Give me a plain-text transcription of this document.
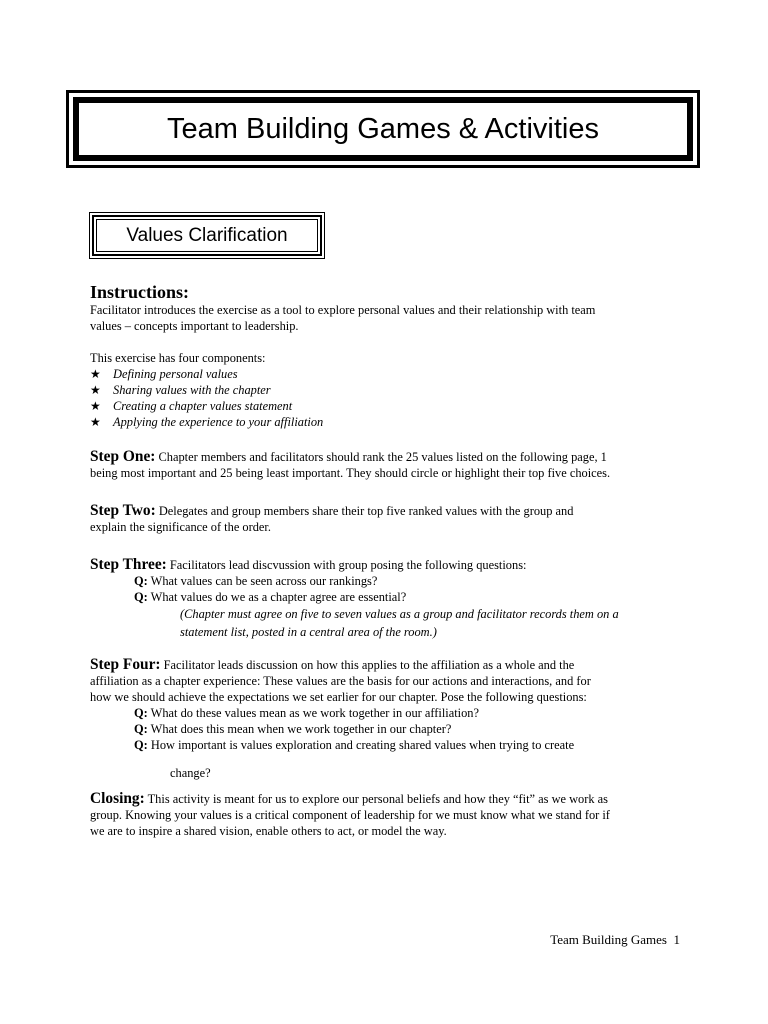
Team Building Games & Activities
Values Clarification

Instructions:

Facilitator introduces the exercise as a tool to explore personal values and their relationship with team

values – concepts important to leadership.

This exercise has four components:

★ Defining personal values
★ Sharing values with the chapter
★ Creating a chapter values statement
★ Applying the experience to your affiliation

Step One: Chapter members and facilitators should rank the 25 values listed on the following page, 1

being most important and 25 being least important. They should circle or highlight their top five choices.

Step Two: Delegates and group members share their top five ranked values with the group and

explain the significance of the order.

Step Three: Facilitators lead discvussion with group posing the following questions:

Q: What values can be seen across our rankings?

Q: What values do we as a chapter agree are essential?

(Chapter must agree on five to seven values as a group and facilitator records them on a

statement list, posted in a central area of the room.)

Step Four: Facilitator leads discussion on how this applies to the affiliation as a whole and the

affiliation as a chapter experience: These values are the basis for our actions and interactions, and for

how we should achieve the expectations we set earlier for our chapter. Pose the following questions:

Q: What do these values mean as we work together in our affiliation?

Q: What does this mean when we work together in our chapter?

Q: How important is values exploration and creating shared values when trying to create

change?

Closing: This activity is meant for us to explore our personal beliefs and how they “fit” as we work as

group. Knowing your values is a critical component of leadership for we must know what we stand for if

we are to inspire a shared vision, enable others to act, or model the way.

Team Building Games 1
